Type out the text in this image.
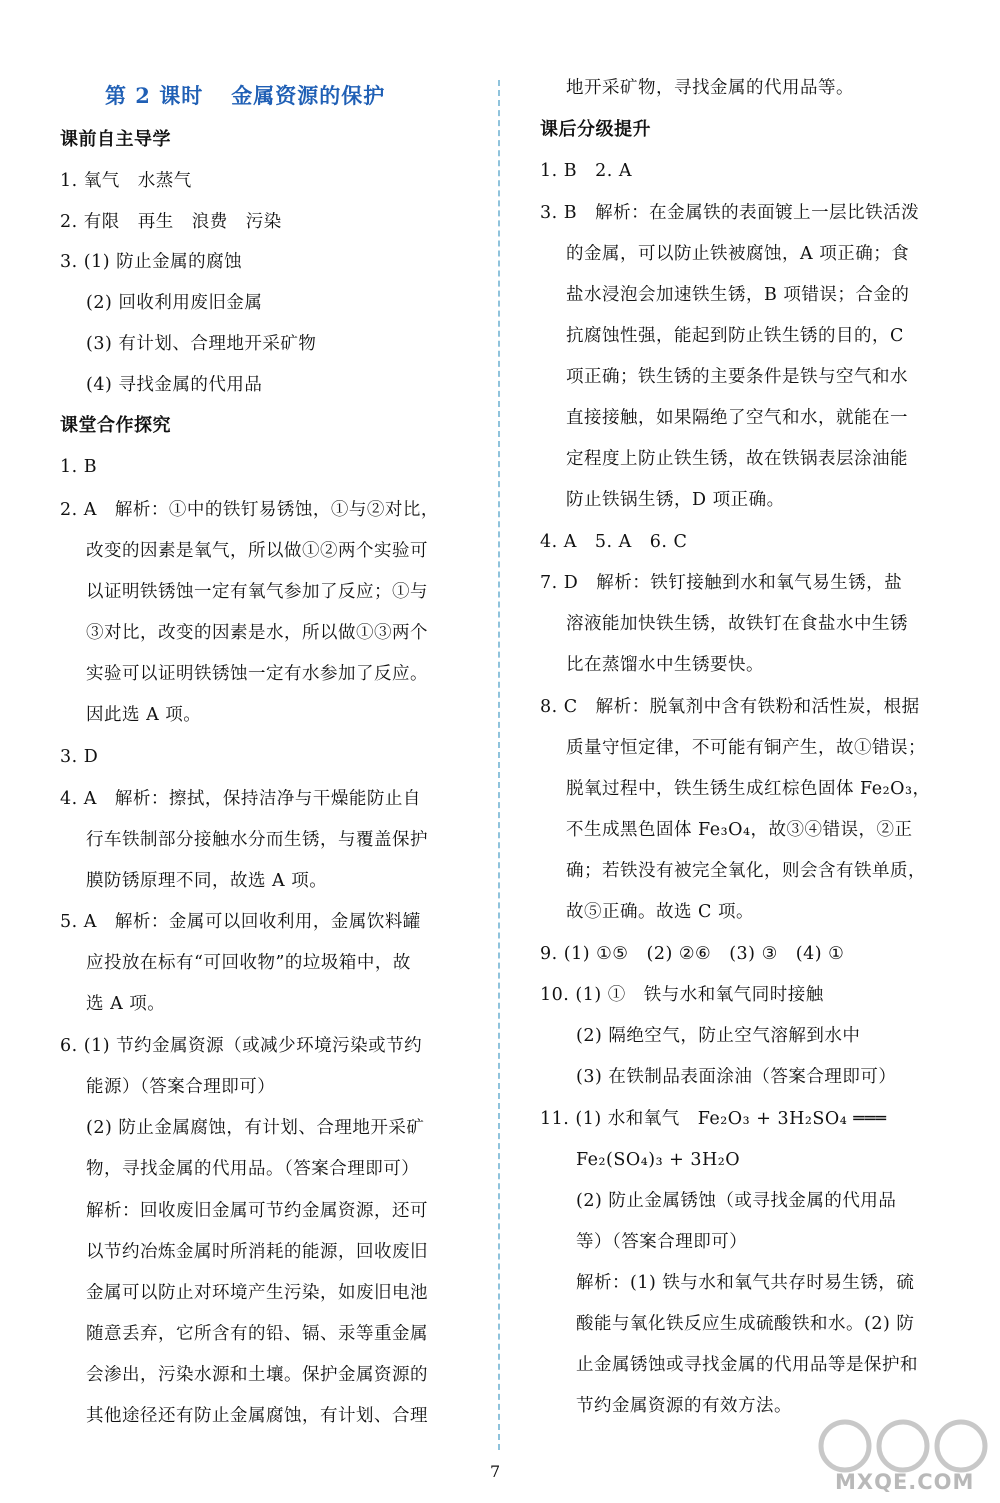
第 2 课时 金属资源的保护
课前自主导学
1. 氧气　水蒸气
2. 有限　再生　浪费　污染
3. (1) 防止金属的腐蚀
(2) 回收利用废旧金属
(3) 有计划、合理地开采矿物
(4) 寻找金属的代用品
课堂合作探究
1. B
2. A　解析：①中的铁钉易锈蚀，①与②对比，
改变的因素是氧气，所以做①②两个实验可
以证明铁锈蚀一定有氧气参加了反应；①与
③对比，改变的因素是水，所以做①③两个
实验可以证明铁锈蚀一定有水参加了反应。
因此选 A 项。
3. D
4. A　解析：擦拭，保持洁净与干燥能防止自
行车铁制部分接触水分而生锈，与覆盖保护
膜防锈原理不同，故选 A 项。
5. A　解析：金属可以回收利用，金属饮料罐
应投放在标有“可回收物”的垃圾箱中，故
选 A 项。
6. (1) 节约金属资源（或减少环境污染或节约
能源）（答案合理即可）
(2) 防止金属腐蚀，有计划、合理地开采矿
物，寻找金属的代用品。（答案合理即可）
解析：回收废旧金属可节约金属资源，还可
以节约冶炼金属时所消耗的能源，回收废旧
金属可以防止对环境产生污染，如废旧电池
随意丢弃，它所含有的铅、镉、汞等重金属
会渗出，污染水源和土壤。保护金属资源的
其他途径还有防止金属腐蚀，有计划、合理
地开采矿物，寻找金属的代用品等。
课后分级提升
1. B　2. A
3. B　解析：在金属铁的表面镀上一层比铁活泼
的金属，可以防止铁被腐蚀，A 项正确；食
盐水浸泡会加速铁生锈，B 项错误；合金的
抗腐蚀性强，能起到防止铁生锈的目的，C
项正确；铁生锈的主要条件是铁与空气和水
直接接触，如果隔绝了空气和水，就能在一
定程度上防止铁生锈，故在铁锅表层涂油能
防止铁锅生锈，D 项正确。
4. A　5. A　6. C
7. D　解析：铁钉接触到水和氧气易生锈，盐
溶液能加快铁生锈，故铁钉在食盐水中生锈
比在蒸馏水中生锈要快。
8. C　解析：脱氧剂中含有铁粉和活性炭，根据
质量守恒定律，不可能有铜产生，故①错误；
脱氧过程中，铁生锈生成红棕色固体 Fe₂O₃，
不生成黑色固体 Fe₃O₄，故③④错误，②正
确；若铁没有被完全氧化，则会含有铁单质，
故⑤正确。故选 C 项。
9. (1) ①⑤　(2) ②⑥　(3) ③　(4) ①
10. (1) ①　铁与水和氧气同时接触
(2) 隔绝空气，防止空气溶解到水中
(3) 在铁制品表面涂油（答案合理即可）
11. (1) 水和氧气　Fe₂O₃ + 3H₂SO₄ ═══
Fe₂(SO₄)₃ + 3H₂O
(2) 防止金属锈蚀（或寻找金属的代用品
等）（答案合理即可）
解析：(1) 铁与水和氧气共存时易生锈，硫
酸能与氧化铁反应生成硫酸铁和水。(2) 防
止金属锈蚀或寻找金属的代用品等是保护和
节约金属资源的有效方法。
7	MXQE.COM
